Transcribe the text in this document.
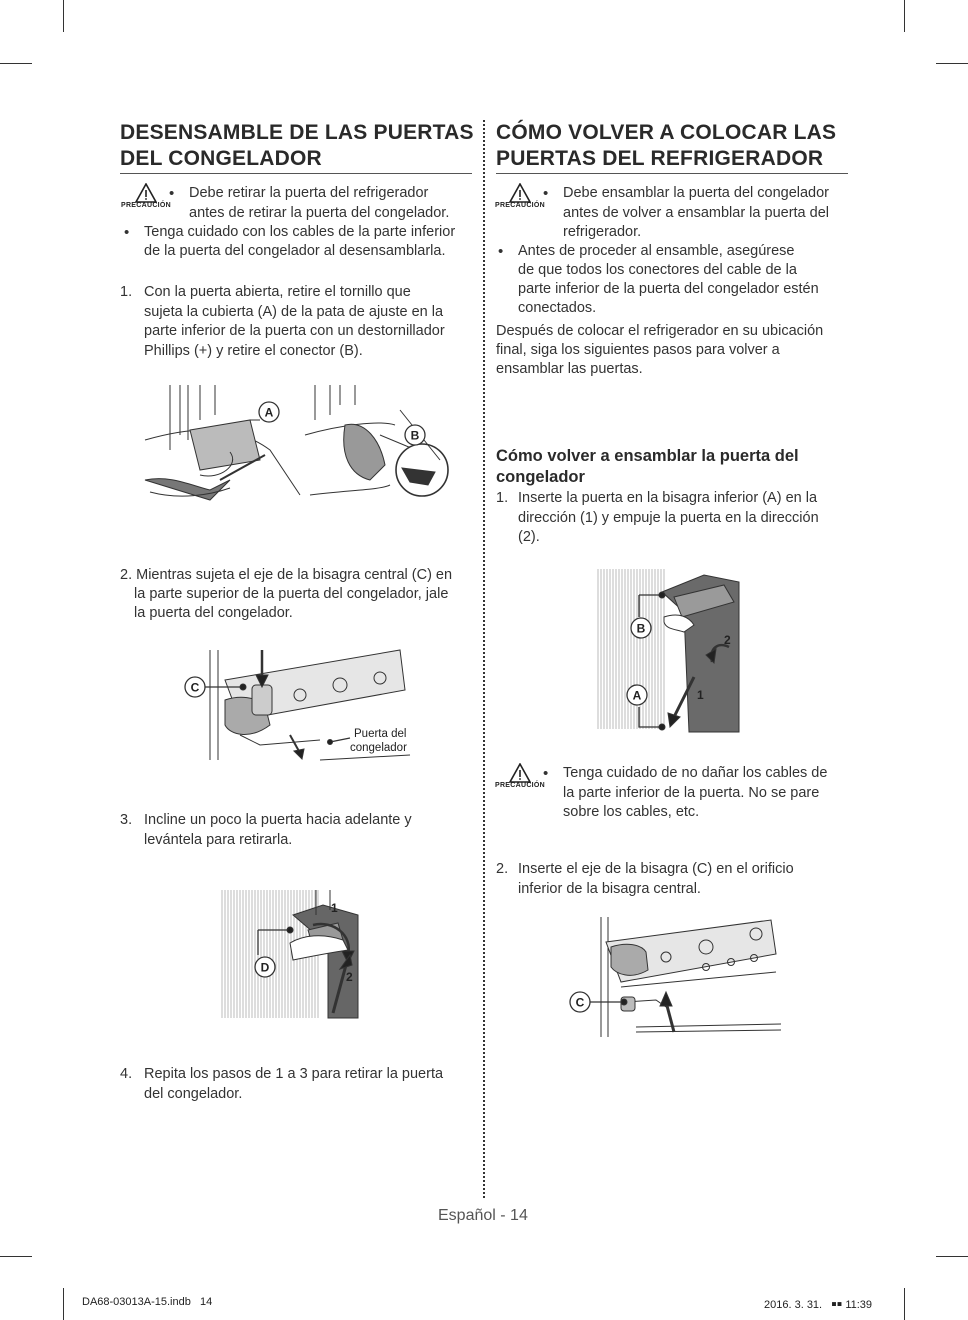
DESENSAMBLE DE LAS PUERTAS
DEL CONGELADOR
PRECAUCIÓN
• Debe retirar la puerta del refrigerador
antes de retirar la puerta del congelador.
• Tenga cuidado con los cables de la parte inferior
de la puerta del congelador al desensamblarla.
1. Con la puerta abierta, retire el tornillo que
sujeta la cubierta (A) de la pata de ajuste en la
parte inferior de la puerta con un destornillador
Phillips (+) y retire el conector (B).
A
B
2. Mientras sujeta el eje de la bisagra central (C) en
la parte superior de la puerta del congelador, jale
la puerta del congelador.
C
Puerta del
congelador
3. Incline un poco la puerta hacia adelante y
levántela para retirarla.
1
2
D
4. Repita los pasos de 1 a 3 para retirar la puerta
del congelador.
CÓMO VOLVER A COLOCAR LAS
PUERTAS DEL REFRIGERADOR
PRECAUCIÓN
• Debe ensamblar la puerta del congelador
antes de volver a ensamblar la puerta del
refrigerador.
• Antes de proceder al ensamble, asegúrese
de que todos los conectores del cable de la
parte inferior de la puerta del congelador estén
conectados.
Después de colocar el refrigerador en su ubicación
final, siga los siguientes pasos para volver a
ensamblar las puertas.
Cómo volver a ensamblar la puerta del
congelador
1. Inserte la puerta en la bisagra inferior (A) en la
dirección (1) y empuje la puerta en la dirección
(2).
2
1
B
A
PRECAUCIÓN
• Tenga cuidado de no dañar los cables de
la parte inferior de la puerta. No se pare
sobre los cables, etc.
2. Inserte el eje de la bisagra (C) en el orificio
inferior de la bisagra central.
C
Español - 14
DA68-03013A-15.indb   14	2016. 3. 31.   ￭￭ 11:39
